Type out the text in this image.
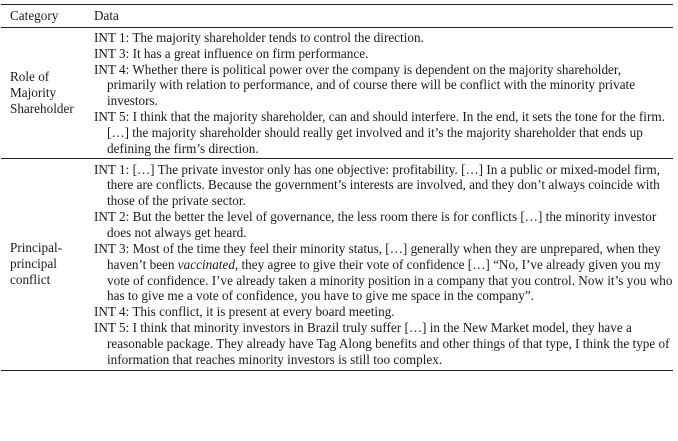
Category	Data
Role of Majority Shareholder	INT 1: The majority shareholder tends to control the direction.
INT 3: It has a great influence on firm performance.
INT 4: Whether there is political power over the company is dependent on the majority shareholder, primarily with relation to performance, and of course there will be conflict with the minority private investors.
INT 5: I think that the majority shareholder, can and should interfere. In the end, it sets the tone for the firm. […] the majority shareholder should really get involved and it’s the majority shareholder that ends up defining the firm’s direction.

Principal-principal conflict	INT 1: […] The private investor only has one objective: profitability. […] In a public or mixed-model firm, there are conflicts. Because the government’s interests are involved, and they don’t always coincide with those of the private sector.
INT 2: But the better the level of governance, the less room there is for conflicts […] the minority investor does not always get heard.
INT 3: Most of the time they feel their minority status, […] generally when they are unprepared, when they haven’t been vaccinated, they agree to give their vote of confidence […] “No, I’ve already given you my vote of confidence. I’ve already taken a minority position in a company that you control. Now it’s you who has to give me a vote of confidence, you have to give me space in the company”.
INT 4: This conflict, it is present at every board meeting.
INT 5: I think that minority investors in Brazil truly suffer […] in the New Market model, they have a reasonable package. They already have Tag Along benefits and other things of that type, I think the type of information that reaches minority investors is still too complex.
